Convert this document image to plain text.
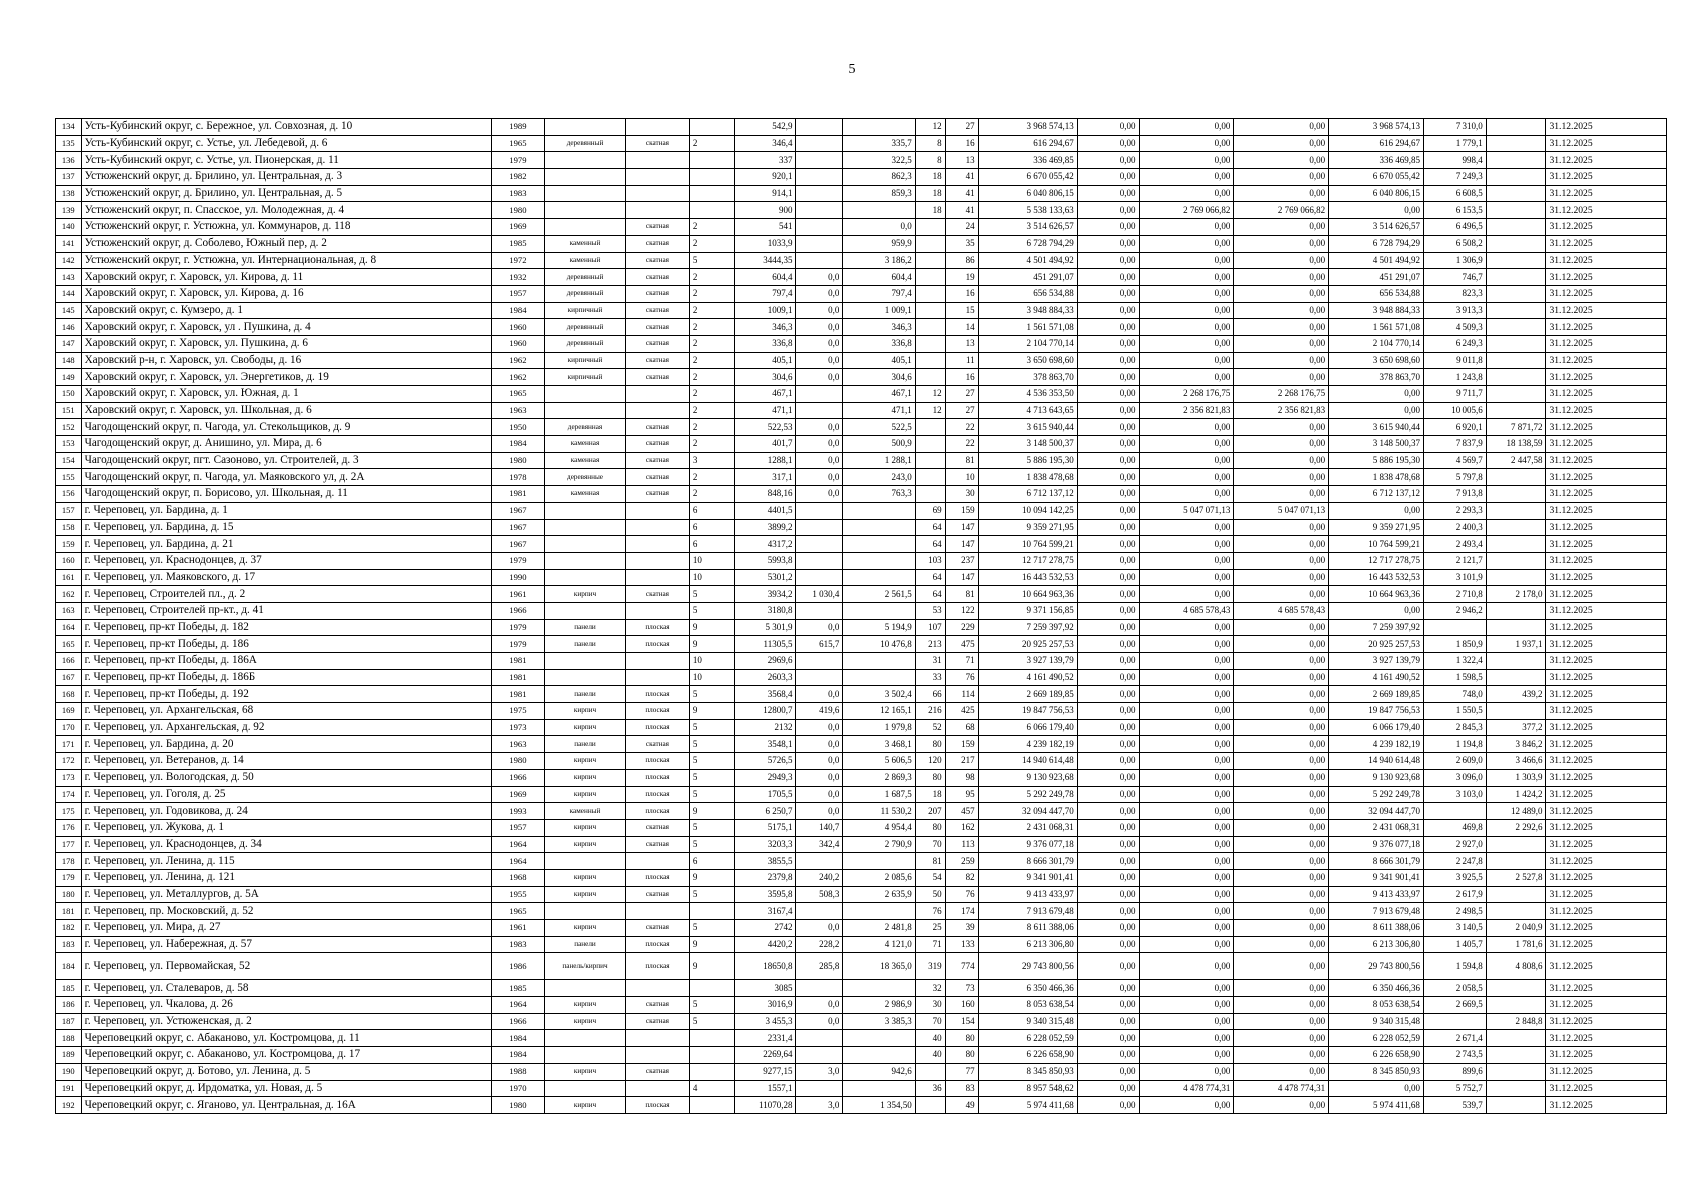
5
134	Усть-Кубинский округ, с. Бережное, ул. Совхозная, д. 10	1989				542,9			12	27	3 968 574,13	0,00	0,00	0,00	3 968 574,13	7 310,0		31.12.2025
135	Усть-Кубинский округ, с. Устье, ул. Лебедевой, д. 6	1965	деревянный	скатная	2	346,4		335,7	8	16	616 294,67	0,00	0,00	0,00	616 294,67	1 779,1		31.12.2025
136	Усть-Кубинский округ, с. Устье, ул. Пионерская, д. 11	1979				337		322,5	8	13	336 469,85	0,00	0,00	0,00	336 469,85	998,4		31.12.2025
137	Устюженский округ, д. Брилино, ул. Центральная, д. 3	1982				920,1		862,3	18	41	6 670 055,42	0,00	0,00	0,00	6 670 055,42	7 249,3		31.12.2025
138	Устюженский округ, д. Брилино, ул. Центральная, д. 5	1983				914,1		859,3	18	41	6 040 806,15	0,00	0,00	0,00	6 040 806,15	6 608,5		31.12.2025
139	Устюженский округ, п. Спасское, ул. Молодежная, д. 4	1980				900			18	41	5 538 133,63	0,00	2 769 066,82	2 769 066,82	0,00	6 153,5		31.12.2025
140	Устюженский округ, г. Устюжна, ул. Коммунаров, д. 118	1969		скатная	2	541		0,0		24	3 514 626,57	0,00	0,00	0,00	3 514 626,57	6 496,5		31.12.2025
141	Устюженский округ, д. Соболево, Южный пер, д. 2	1985	каменный	скатная	2	1033,9		959,9		35	6 728 794,29	0,00	0,00	0,00	6 728 794,29	6 508,2		31.12.2025
142	Устюженский округ, г. Устюжна, ул. Интернациональная, д. 8	1972	каменный	скатная	5	3444,35		3 186,2		86	4 501 494,92	0,00	0,00	0,00	4 501 494,92	1 306,9		31.12.2025
143	Харовский округ, г. Харовск, ул. Кирова, д. 11	1932	деревянный	скатная	2	604,4	0,0	604,4		19	451 291,07	0,00	0,00	0,00	451 291,07	746,7		31.12.2025
144	Харовский округ, г. Харовск, ул. Кирова, д. 16	1957	деревянный	скатная	2	797,4	0,0	797,4		16	656 534,88	0,00	0,00	0,00	656 534,88	823,3		31.12.2025
145	Харовский округ, с. Кумзеро, д. 1	1984	кирпичный	скатная	2	1009,1	0,0	1 009,1		15	3 948 884,33	0,00	0,00	0,00	3 948 884,33	3 913,3		31.12.2025
146	Харовский округ, г. Харовск, ул . Пушкина, д. 4	1960	деревянный	скатная	2	346,3	0,0	346,3		14	1 561 571,08	0,00	0,00	0,00	1 561 571,08	4 509,3		31.12.2025
147	Харовский округ, г. Харовск, ул. Пушкина, д. 6	1960	деревянный	скатная	2	336,8	0,0	336,8		13	2 104 770,14	0,00	0,00	0,00	2 104 770,14	6 249,3		31.12.2025
148	Харовский р-н, г. Харовск, ул. Свободы, д. 16	1962	кирпичный	скатная	2	405,1	0,0	405,1		11	3 650 698,60	0,00	0,00	0,00	3 650 698,60	9 011,8		31.12.2025
149	Харовский округ, г. Харовск, ул. Энергетиков, д. 19	1962	кирпичный	скатная	2	304,6	0,0	304,6		16	378 863,70	0,00	0,00	0,00	378 863,70	1 243,8		31.12.2025
150	Харовский округ, г. Харовск, ул. Южная, д. 1	1965			2	467,1		467,1	12	27	4 536 353,50	0,00	2 268 176,75	2 268 176,75	0,00	9 711,7		31.12.2025
151	Харовский округ, г. Харовск, ул. Школьная, д. 6	1963			2	471,1		471,1	12	27	4 713 643,65	0,00	2 356 821,83	2 356 821,83	0,00	10 005,6		31.12.2025
152	Чагодощенский округ, п. Чагода, ул. Стекольщиков, д. 9	1950	деревянная	скатная	2	522,53	0,0	522,5		22	3 615 940,44	0,00	0,00	0,00	3 615 940,44	6 920,1	7 871,72	31.12.2025
153	Чагодощенский округ, д. Анишино, ул. Мира, д. 6	1984	каменная	скатная	2	401,7	0,0	500,9		22	3 148 500,37	0,00	0,00	0,00	3 148 500,37	7 837,9	18 138,59	31.12.2025
154	Чагодощенский округ, пгт. Сазоново, ул. Строителей, д. 3	1980	каменная	скатная	3	1288,1	0,0	1 288,1		81	5 886 195,30	0,00	0,00	0,00	5 886 195,30	4 569,7	2 447,58	31.12.2025
155	Чагодощенский округ, п. Чагода, ул. Маяковского ул, д. 2А	1978	деревянные	скатная	2	317,1	0,0	243,0		10	1 838 478,68	0,00	0,00	0,00	1 838 478,68	5 797,8		31.12.2025
156	Чагодощенский округ, п. Борисово, ул. Школьная, д. 11	1981	каменная	скатная	2	848,16	0,0	763,3		30	6 712 137,12	0,00	0,00	0,00	6 712 137,12	7 913,8		31.12.2025
157	г. Череповец, ул. Бардина, д. 1	1967			6	4401,5			69	159	10 094 142,25	0,00	5 047 071,13	5 047 071,13	0,00	2 293,3		31.12.2025
158	г. Череповец, ул. Бардина, д. 15	1967			6	3899,2			64	147	9 359 271,95	0,00	0,00	0,00	9 359 271,95	2 400,3		31.12.2025
159	г. Череповец, ул. Бардина, д. 21	1967			6	4317,2			64	147	10 764 599,21	0,00	0,00	0,00	10 764 599,21	2 493,4		31.12.2025
160	г. Череповец, ул. Краснодонцев, д. 37	1979			10	5993,8			103	237	12 717 278,75	0,00	0,00	0,00	12 717 278,75	2 121,7		31.12.2025
161	г. Череповец, ул. Маяковского, д. 17	1990			10	5301,2			64	147	16 443 532,53	0,00	0,00	0,00	16 443 532,53	3 101,9		31.12.2025
162	г. Череповец, Строителей пл., д. 2	1961	кирпич	скатная	5	3934,2	1 030,4	2 561,5	64	81	10 664 963,36	0,00	0,00	0,00	10 664 963,36	2 710,8	2 178,0	31.12.2025
163	г. Череповец, Строителей пр-кт., д. 41	1966			5	3180,8			53	122	9 371 156,85	0,00	4 685 578,43	4 685 578,43	0,00	2 946,2		31.12.2025
164	г. Череповец, пр-кт Победы, д. 182	1979	панели	плоская	9	5 301,9	0,0	5 194,9	107	229	7 259 397,92	0,00	0,00	0,00	7 259 397,92			31.12.2025
165	г. Череповец, пр-кт Победы, д. 186	1979	панели	плоская	9	11305,5	615,7	10 476,8	213	475	20 925 257,53	0,00	0,00	0,00	20 925 257,53	1 850,9	1 937,1	31.12.2025
166	г. Череповец, пр-кт Победы, д. 186А	1981			10	2969,6			31	71	3 927 139,79	0,00	0,00	0,00	3 927 139,79	1 322,4		31.12.2025
167	г. Череповец, пр-кт Победы, д. 186Б	1981			10	2603,3			33	76	4 161 490,52	0,00	0,00	0,00	4 161 490,52	1 598,5		31.12.2025
168	г. Череповец, пр-кт Победы, д. 192	1981	панели	плоская	5	3568,4	0,0	3 502,4	66	114	2 669 189,85	0,00	0,00	0,00	2 669 189,85	748,0	439,2	31.12.2025
169	г. Череповец, ул. Архангельская, 68	1975	кирпич	плоская	9	12800,7	419,6	12 165,1	216	425	19 847 756,53	0,00	0,00	0,00	19 847 756,53	1 550,5		31.12.2025
170	г. Череповец, ул. Архангельская, д. 92	1973	кирпич	плоская	5	2132	0,0	1 979,8	52	68	6 066 179,40	0,00	0,00	0,00	6 066 179,40	2 845,3	377,2	31.12.2025
171	г. Череповец, ул. Бардина, д. 20	1963	панели	скатная	5	3548,1	0,0	3 468,1	80	159	4 239 182,19	0,00	0,00	0,00	4 239 182,19	1 194,8	3 846,2	31.12.2025
172	г. Череповец, ул. Ветеранов, д. 14	1980	кирпич	плоская	5	5726,5	0,0	5 606,5	120	217	14 940 614,48	0,00	0,00	0,00	14 940 614,48	2 609,0	3 466,6	31.12.2025
173	г. Череповец, ул. Вологодская, д. 50	1966	кирпич	плоская	5	2949,3	0,0	2 869,3	80	98	9 130 923,68	0,00	0,00	0,00	9 130 923,68	3 096,0	1 303,9	31.12.2025
174	г. Череповец, ул. Гоголя, д. 25	1969	кирпич	плоская	5	1705,5	0,0	1 687,5	18	95	5 292 249,78	0,00	0,00	0,00	5 292 249,78	3 103,0	1 424,2	31.12.2025
175	г. Череповец, ул. Годовикова, д. 24	1993	каменный	плоская	9	6 250,7	0,0	11 530,2	207	457	32 094 447,70	0,00	0,00	0,00	32 094 447,70		12 489,0	31.12.2025
176	г. Череповец, ул. Жукова, д. 1	1957	кирпич	скатная	5	5175,1	140,7	4 954,4	80	162	2 431 068,31	0,00	0,00	0,00	2 431 068,31	469,8	2 292,6	31.12.2025
177	г. Череповец, ул. Краснодонцев, д. 34	1964	кирпич	скатная	5	3203,3	342,4	2 790,9	70	113	9 376 077,18	0,00	0,00	0,00	9 376 077,18	2 927,0		31.12.2025
178	г. Череповец, ул. Ленина, д. 115	1964			6	3855,5			81	259	8 666 301,79	0,00	0,00	0,00	8 666 301,79	2 247,8		31.12.2025
179	г. Череповец, ул. Ленина, д. 121	1968	кирпич	плоская	9	2379,8	240,2	2 085,6	54	82	9 341 901,41	0,00	0,00	0,00	9 341 901,41	3 925,5	2 527,8	31.12.2025
180	г. Череповец, ул. Металлургов, д. 5А	1955	кирпич	скатная	5	3595,8	508,3	2 635,9	50	76	9 413 433,97	0,00	0,00	0,00	9 413 433,97	2 617,9		31.12.2025
181	г. Череповец, пр. Московский, д. 52	1965				3167,4			76	174	7 913 679,48	0,00	0,00	0,00	7 913 679,48	2 498,5		31.12.2025
182	г. Череповец, ул. Мира, д. 27	1961	кирпич	скатная	5	2742	0,0	2 481,8	25	39	8 611 388,06	0,00	0,00	0,00	8 611 388,06	3 140,5	2 040,9	31.12.2025
183	г. Череповец, ул. Набережная, д. 57	1983	панели	плоская	9	4420,2	228,2	4 121,0	71	133	6 213 306,80	0,00	0,00	0,00	6 213 306,80	1 405,7	1 781,6	31.12.2025
184	г. Череповец, ул. Первомайская, 52	1986	панель/кирпич	плоская	9	18650,8	285,8	18 365,0	319	774	29 743 800,56	0,00	0,00	0,00	29 743 800,56	1 594,8	4 808,6	31.12.2025
185	г. Череповец, ул. Сталеваров, д. 58	1985				3085			32	73	6 350 466,36	0,00	0,00	0,00	6 350 466,36	2 058,5		31.12.2025
186	г. Череповец, ул. Чкалова, д. 26	1964	кирпич	скатная	5	3016,9	0,0	2 986,9	30	160	8 053 638,54	0,00	0,00	0,00	8 053 638,54	2 669,5		31.12.2025
187	г. Череповец, ул. Устюженская, д. 2	1966	кирпич	скатная	5	3 455,3	0,0	3 385,3	70	154	9 340 315,48	0,00	0,00	0,00	9 340 315,48		2 848,8	31.12.2025
188	Череповецкий округ, с. Абаканово, ул. Костромцова, д. 11	1984				2331,4			40	80	6 228 052,59	0,00	0,00	0,00	6 228 052,59	2 671,4		31.12.2025
189	Череповецкий округ, с. Абаканово, ул. Костромцова, д. 17	1984				2269,64			40	80	6 226 658,90	0,00	0,00	0,00	6 226 658,90	2 743,5		31.12.2025
190	Череповецкий округ, д. Ботово, ул. Ленина, д. 5	1988	кирпич	скатная		9277,15	3,0	942,6		77	8 345 850,93	0,00	0,00	0,00	8 345 850,93	899,6		31.12.2025
191	Череповецкий округ, д. Ирдоматка, ул. Новая, д. 5	1970			4	1557,1			36	83	8 957 548,62	0,00	4 478 774,31	4 478 774,31	0,00	5 752,7		31.12.2025
192	Череповецкий округ, с. Яганово, ул. Центральная, д. 16А	1980	кирпич	плоская		11070,28	3,0	1 354,50		49	5 974 411,68	0,00	0,00	0,00	5 974 411,68	539,7		31.12.2025
